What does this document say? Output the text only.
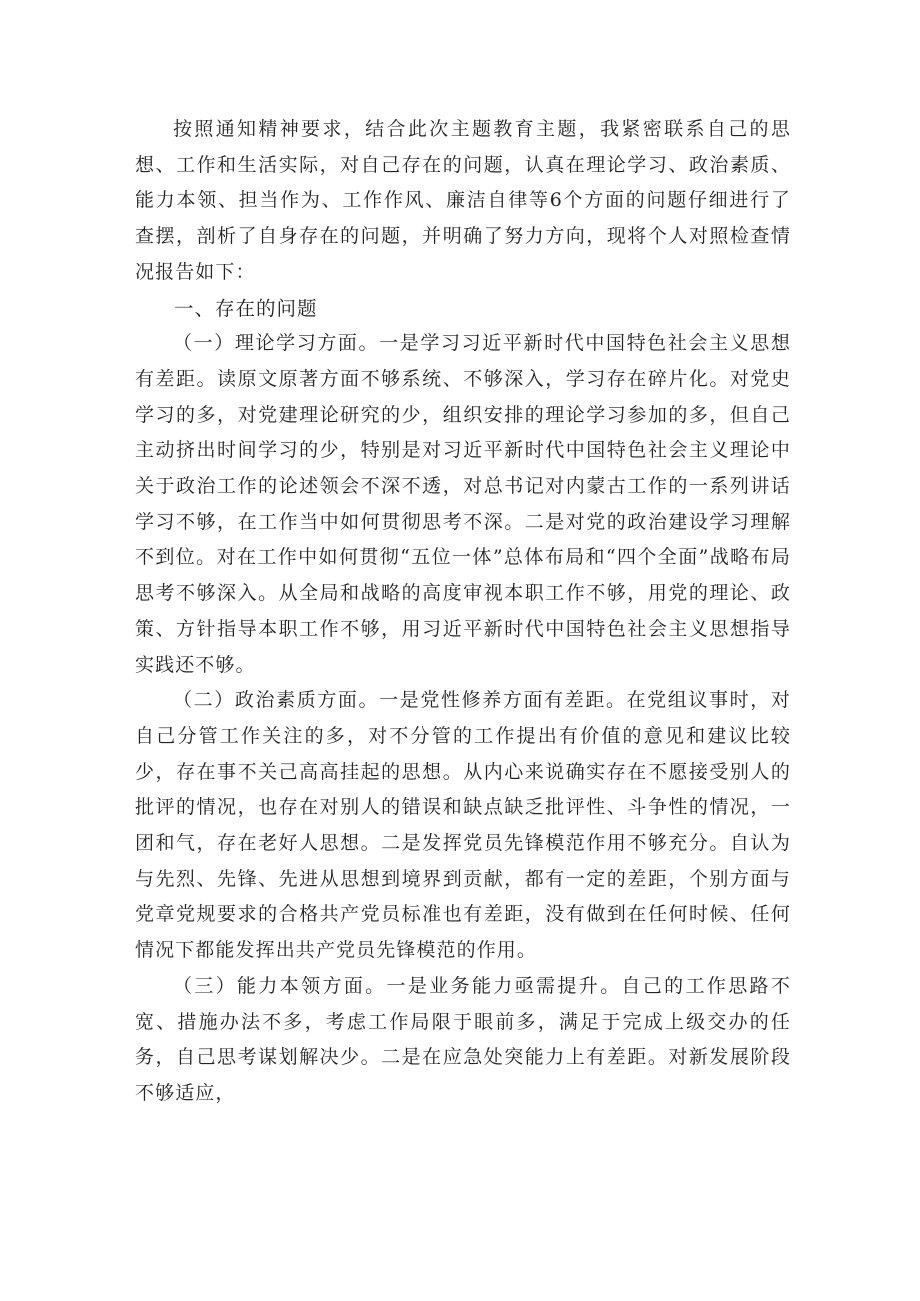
按照通知精神要求，结合此次主题教育主题，我紧密联系自己的思想、工作和生活实际，对自己存在的问题，认真在理论学习、政治素质、能力本领、担当作为、工作作风、廉洁自律等6个方面的问题仔细进行了查摆，剖析了自身存在的问题，并明确了努力方向，现将个人对照检查情况报告如下：

一、存在的问题

（一）理论学习方面。一是学习习近平新时代中国特色社会主义思想有差距。读原文原著方面不够系统、不够深入，学习存在碎片化。对党史学习的多，对党建理论研究的少，组织安排的理论学习参加的多，但自己主动挤出时间学习的少，特别是对习近平新时代中国特色社会主义理论中关于政治工作的论述领会不深不透，对总书记对内蒙古工作的一系列讲话学习不够，在工作当中如何贯彻思考不深。二是对党的政治建设学习理解不到位。对在工作中如何贯彻“五位一体”总体布局和“四个全面”战略布局思考不够深入。从全局和战略的高度审视本职工作不够，用党的理论、政策、方针指导本职工作不够，用习近平新时代中国特色社会主义思想指导实践还不够。

（二）政治素质方面。一是党性修养方面有差距。在党组议事时，对自己分管工作关注的多，对不分管的工作提出有价值的意见和建议比较少，存在事不关己高高挂起的思想。从内心来说确实存在不愿接受别人的批评的情况，也存在对别人的错误和缺点缺乏批评性、斗争性的情况，一团和气，存在老好人思想。二是发挥党员先锋模范作用不够充分。自认为与先烈、先锋、先进从思想到境界到贡献，都有一定的差距，个别方面与党章党规要求的合格共产党员标准也有差距，没有做到在任何时候、任何情况下都能发挥出共产党员先锋模范的作用。

（三）能力本领方面。一是业务能力亟需提升。自己的工作思路不宽、措施办法不多，考虑工作局限于眼前多，满足于完成上级交办的任务，自己思考谋划解决少。二是在应急处突能力上有差距。对新发展阶段不够适应，
